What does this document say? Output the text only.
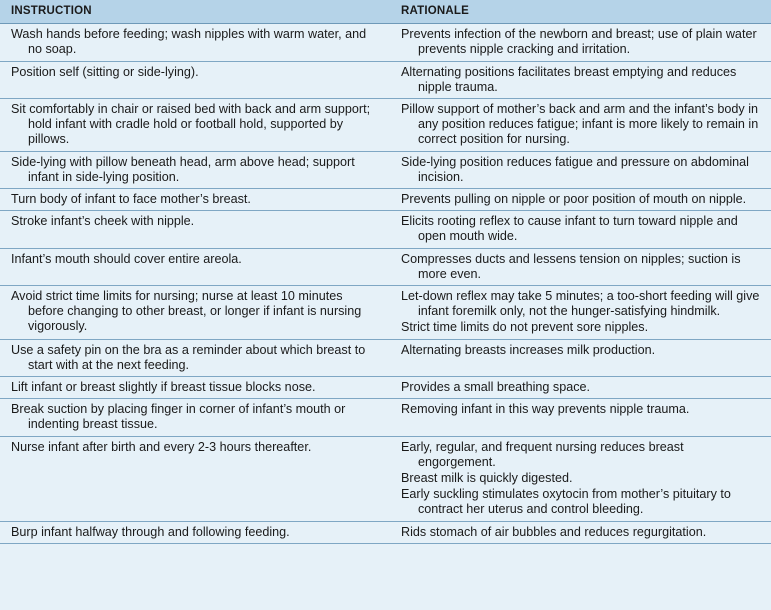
INSTRUCTION	RATIONALE

Wash hands before feeding; wash nipples with warm water, and no soap.	Prevents infection of the newborn and breast; use of plain water prevents nipple cracking and irritation.

Position self (sitting or side-lying).	Alternating positions facilitates breast emptying and reduces nipple trauma.

Sit comfortably in chair or raised bed with back and arm support; hold infant with cradle hold or football hold, supported by pillows.	Pillow support of mother’s back and arm and the infant’s body in any position reduces fatigue; infant is more likely to remain in correct position for nursing.

Side-lying with pillow beneath head, arm above head; support infant in side-lying position.	Side-lying position reduces fatigue and pressure on abdominal incision.

Turn body of infant to face mother’s breast.	Prevents pulling on nipple or poor position of mouth on nipple.

Stroke infant’s cheek with nipple.	Elicits rooting reflex to cause infant to turn toward nipple and open mouth wide.

Infant’s mouth should cover entire areola.	Compresses ducts and lessens tension on nipples; suction is more even.

Avoid strict time limits for nursing; nurse at least 10 minutes before changing to other breast, or longer if infant is nursing vigorously.	Let-down reflex may take 5 minutes; a too-short feeding will give infant foremilk only, not the hunger-satisfying hindmilk.
Strict time limits do not prevent sore nipples.

Use a safety pin on the bra as a reminder about which breast to start with at the next feeding.	Alternating breasts increases milk production.

Lift infant or breast slightly if breast tissue blocks nose.	Provides a small breathing space.

Break suction by placing finger in corner of infant’s mouth or indenting breast tissue.	Removing infant in this way prevents nipple trauma.

Nurse infant after birth and every 2-3 hours thereafter.	Early, regular, and frequent nursing reduces breast engorgement.
Breast milk is quickly digested.
Early suckling stimulates oxytocin from mother’s pituitary to contract her uterus and control bleeding.

Burp infant halfway through and following feeding.	Rids stomach of air bubbles and reduces regurgitation.
